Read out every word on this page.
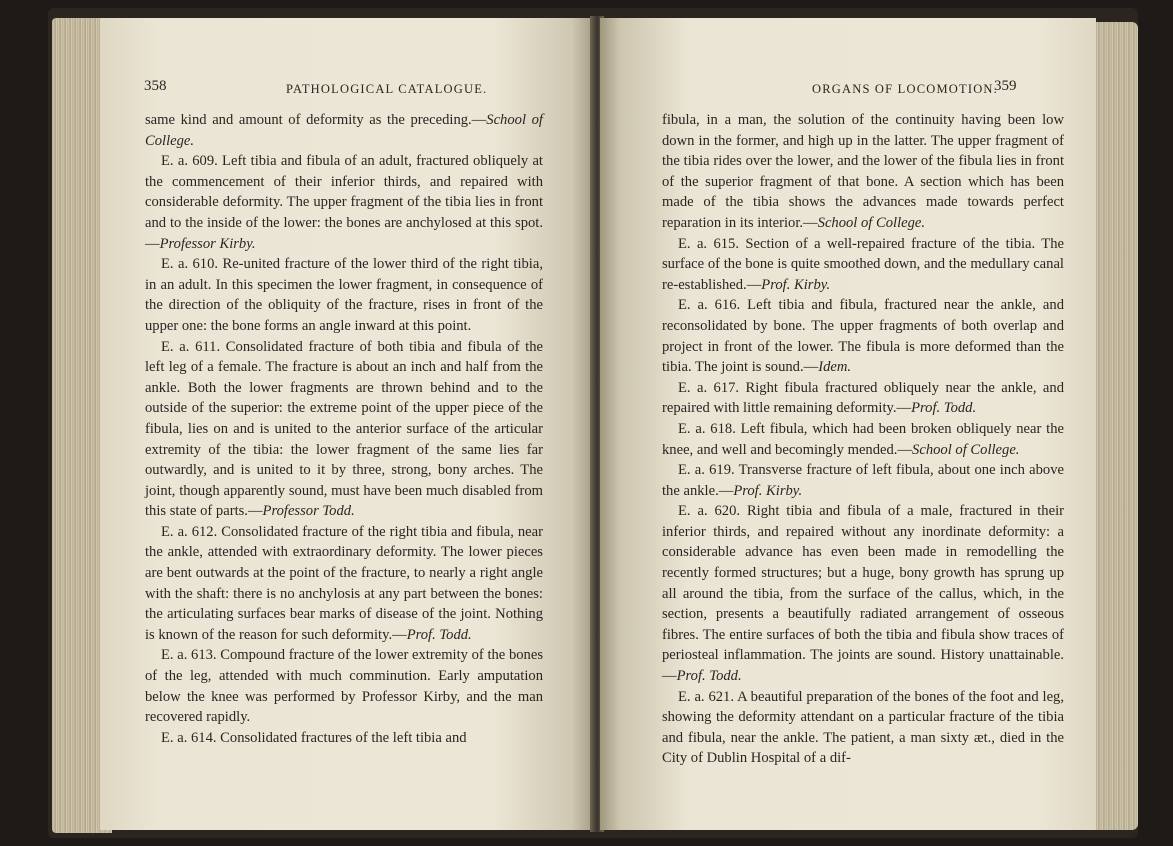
358	PATHOLOGICAL CATALOGUE.

same kind and amount of deformity as the preceding.—School of College.

E. a. 609. Left tibia and fibula of an adult, fractured obliquely at the commencement of their inferior thirds, and repaired with considerable deformity. The upper fragment of the tibia lies in front and to the inside of the lower: the bones are anchylosed at this spot.—Professor Kirby.

E. a. 610. Re-united fracture of the lower third of the right tibia, in an adult. In this specimen the lower fragment, in consequence of the direction of the obliquity of the fracture, rises in front of the upper one: the bone forms an angle inward at this point.

E. a. 611. Consolidated fracture of both tibia and fibula of the left leg of a female. The fracture is about an inch and half from the ankle. Both the lower fragments are thrown behind and to the outside of the superior: the extreme point of the upper piece of the fibula, lies on and is united to the anterior surface of the articular extremity of the tibia: the lower fragment of the same lies far outwardly, and is united to it by three, strong, bony arches. The joint, though apparently sound, must have been much disabled from this state of parts.—Professor Todd.

E. a. 612. Consolidated fracture of the right tibia and fibula, near the ankle, attended with extraordinary deformity. The lower pieces are bent outwards at the point of the fracture, to nearly a right angle with the shaft: there is no anchylosis at any part between the bones: the articulating surfaces bear marks of disease of the joint. Nothing is known of the reason for such deformity.—Prof. Todd.

E. a. 613. Compound fracture of the lower extremity of the bones of the leg, attended with much comminution. Early amputation below the knee was performed by Professor Kirby, and the man recovered rapidly.

E. a. 614. Consolidated fractures of the left tibia and

ORGANS OF LOCOMOTION.
359

fibula, in a man, the solution of the continuity having been low down in the former, and high up in the latter. The upper fragment of the tibia rides over the lower, and the lower of the fibula lies in front of the superior fragment of that bone. A section which has been made of the tibia shows the advances made towards perfect reparation in its interior.—School of College.

E. a. 615. Section of a well-repaired fracture of the tibia. The surface of the bone is quite smoothed down, and the medullary canal re-established.—Prof. Kirby.

E. a. 616. Left tibia and fibula, fractured near the ankle, and reconsolidated by bone. The upper fragments of both overlap and project in front of the lower. The fibula is more deformed than the tibia. The joint is sound.—Idem.

E. a. 617. Right fibula fractured obliquely near the ankle, and repaired with little remaining deformity.—Prof. Todd.

E. a. 618. Left fibula, which had been broken obliquely near the knee, and well and becomingly mended.—School of College.

E. a. 619. Transverse fracture of left fibula, about one inch above the ankle.—Prof. Kirby.

E. a. 620. Right tibia and fibula of a male, fractured in their inferior thirds, and repaired without any inordinate deformity: a considerable advance has even been made in remodelling the recently formed structures; but a huge, bony growth has sprung up all around the tibia, from the surface of the callus, which, in the section, presents a beautifully radiated arrangement of osseous fibres. The entire surfaces of both the tibia and fibula show traces of periosteal inflammation. The joints are sound. History unattainable.—Prof. Todd.

E. a. 621. A beautiful preparation of the bones of the foot and leg, showing the deformity attendant on a particular fracture of the tibia and fibula, near the ankle. The patient, a man sixty æt., died in the City of Dublin Hospital of a dif-
